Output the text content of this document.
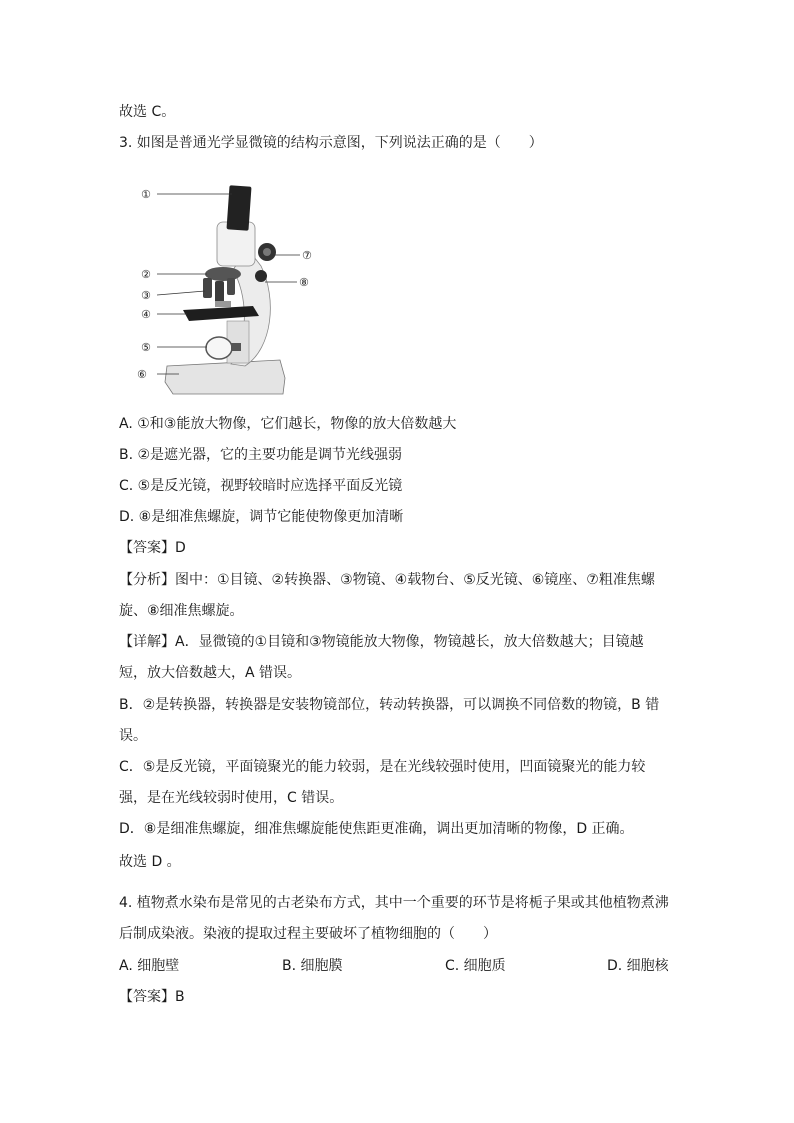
故选 C。
3. 如图是普通光学显微镜的结构示意图，下列说法正确的是（　　）
①
②
③
④
⑤
⑥
⑦
⑧
A. ①和③能放大物像，它们越长，物像的放大倍数越大
B. ②是遮光器，它的主要功能是调节光线强弱
C. ⑤是反光镜，视野较暗时应选择平面反光镜
D. ⑧是细准焦螺旋，调节它能使物像更加清晰
【答案】D
【分析】图中：①目镜、②转换器、③物镜、④载物台、⑤反光镜、⑥镜座、⑦粗准焦螺
旋、⑧细准焦螺旋。
【详解】A．显微镜的①目镜和③物镜能放大物像，物镜越长，放大倍数越大；目镜越
短，放大倍数越大，A 错误。
B．②是转换器，转换器是安装物镜部位，转动转换器，可以调换不同倍数的物镜，B 错
误。
C．⑤是反光镜，平面镜聚光的能力较弱，是在光线较强时使用，凹面镜聚光的能力较
强，是在光线较弱时使用，C 错误。
D．⑧是细准焦螺旋，细准焦螺旋能使焦距更准确，调出更加清晰的物像，D 正确。
故选 D 。
4. 植物煮水染布是常见的古老染布方式，其中一个重要的环节是将栀子果或其他植物煮沸
后制成染液。染液的提取过程主要破坏了植物细胞的（　　）
A. 细胞壁	B. 细胞膜	C. 细胞质	D. 细胞核
【答案】B
